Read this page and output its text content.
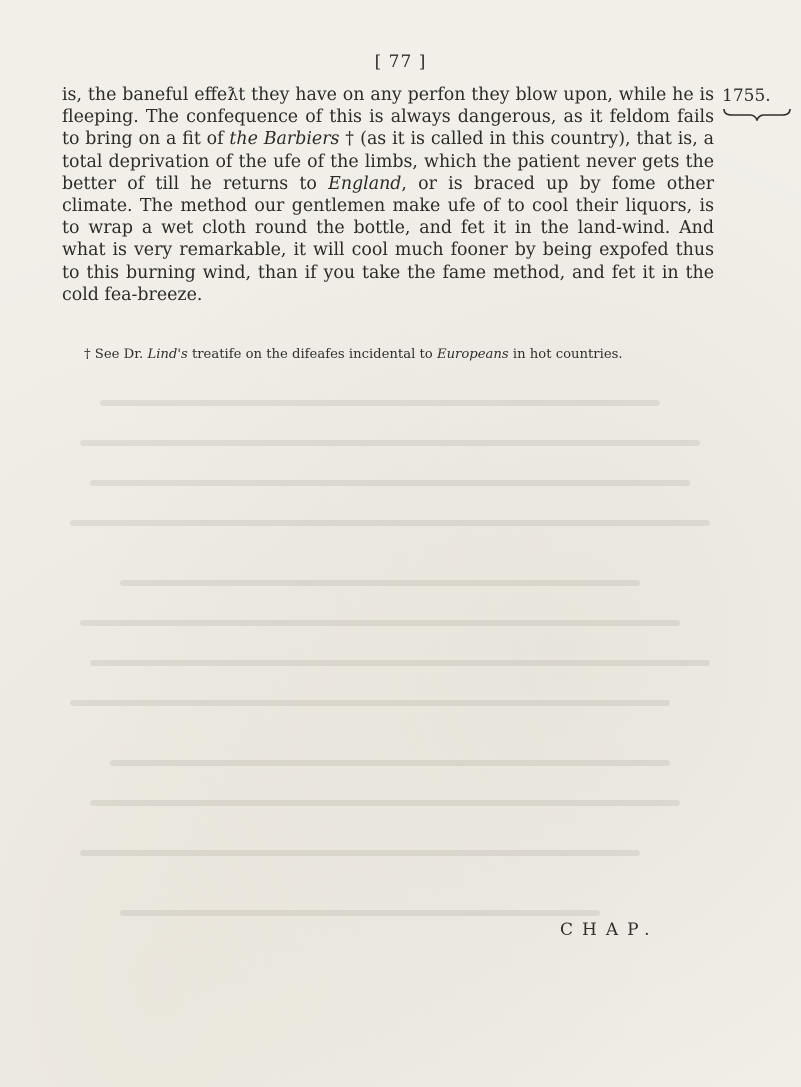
[ 77 ]
1755.

is, the baneful effeƛt they have on any perfon they blow upon, while he is fleeping. The confequence of this is always dangerous, as it feldom fails to bring on a fit of the Barbiers † (as it is called in this country), that is, a total deprivation of the ufe of the limbs, which the patient never gets the better of till he returns to England, or is braced up by fome other climate. The method our gentlemen make ufe of to cool their liquors, is to wrap a wet cloth round the bottle, and fet it in the land-wind. And what is very remarkable, it will cool much fooner by being expofed thus to this burning wind, than if you take the fame method, and fet it in the cold fea-breeze.

† See Dr. Lind's treatife on the difeafes incidental to Europeans in hot countries.
CHAP.
